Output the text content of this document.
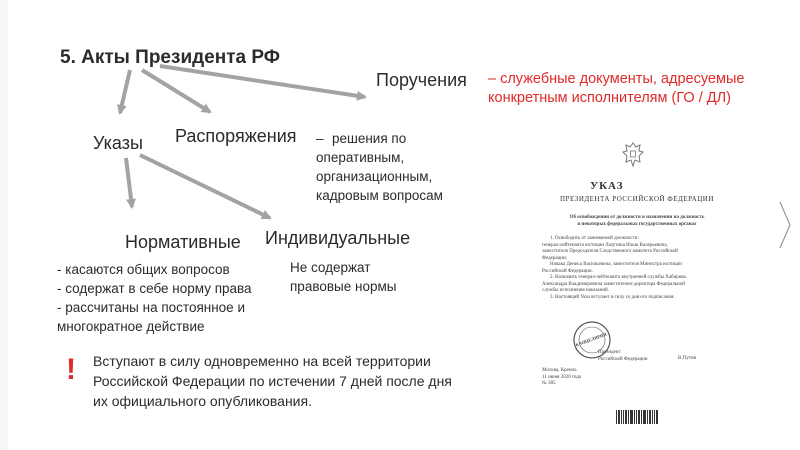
5. Акты Президента РФ
Поручения – служебные документы, адресуемые
конкретным исполнителям (ГО / ДЛ)
Указы Распоряжения – решения по
оперативным,
организационным,
кадровым вопросам
Нормативные
- касаются общих вопросов
- содержат в себе норму права
- рассчитаны на постоянное и
многократное действие
Индивидуальные
Не содержат
правовые нормы
! Вступают в силу одновременно на всей территории
Российской Федерации по истечении 7 дней после дня
их официального опубликования.
УКАЗ
ПРЕЗИДЕНТА РОССИЙСКОЙ ФЕДЕРАЦИИ
Об освобождении от должности и назначении на должность
в некоторых федеральных государственных органах
1. Освободить от занимаемой должности:
генерал-лейтенанта юстиции Лазутина Илью Валерьевича,
заместителя Председателя Следственного комитета Российской
Федерации;
Новака Дениса Васильевича, заместителя Министра юстиции
Российской Федерации.
2. Назначить генерал-лейтенанта внутренней службы Хабирова
Александра Владимировича заместителем директора Федеральной
службы исполнения наказаний.
3. Настоящий Указ вступает в силу со дня его подписания.
КАНЦЕЛЯРИЯ
Президент
Российской Федерации	В.Путин
Москва, Кремль
11 июня 2020 года
№ 385
